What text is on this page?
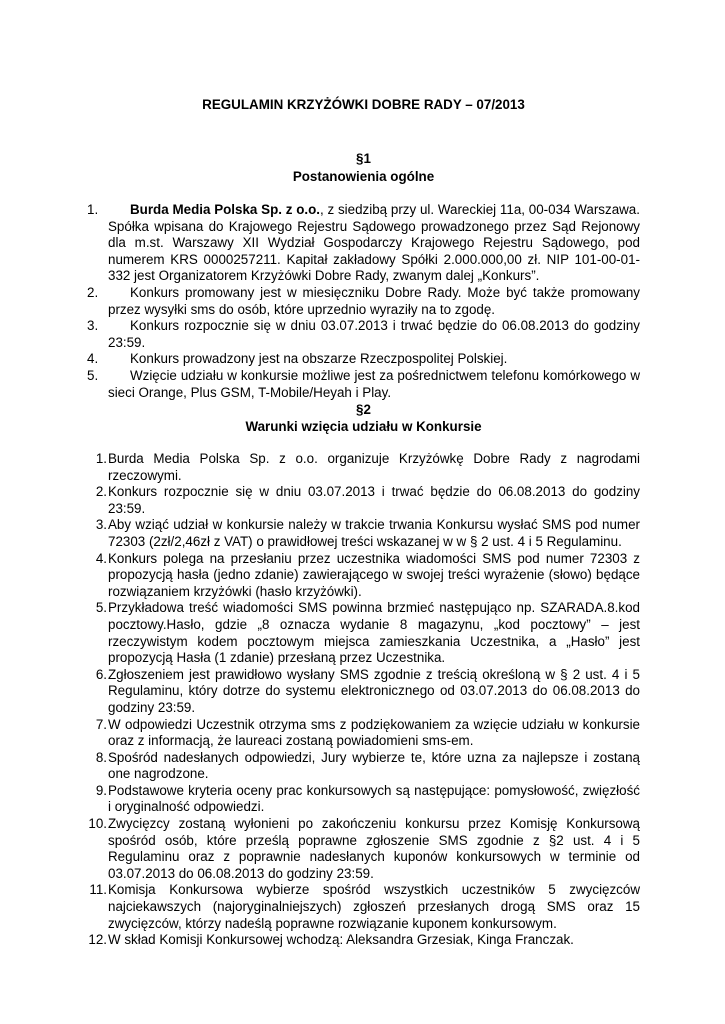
REGULAMIN KRZYŻÓWKI DOBRE RADY – 07/2013
§1
Postanowienia ogólne
1.	Burda Media Polska Sp. z o.o., z siedzibą przy ul. Wareckiej 11a, 00-034 Warszawa. Spółka wpisana do Krajowego Rejestru Sądowego prowadzonego przez Sąd Rejonowy dla m.st. Warszawy XII Wydział Gospodarczy Krajowego Rejestru Sądowego, pod numerem KRS 0000257211. Kapitał zakładowy Spółki 2.000.000,00 zł. NIP 101-00-01-332 jest Organizatorem Krzyżówki Dobre Rady, zwanym dalej „Konkurs”.
2.	Konkurs promowany jest w miesięczniku Dobre Rady. Może być także promowany przez wysyłki sms do osób, które uprzednio wyraziły na to zgodę.
3.	Konkurs rozpocznie się w dniu 03.07.2013 i trwać będzie do 06.08.2013 do godziny 23:59.
4.	Konkurs prowadzony jest na obszarze Rzeczpospolitej Polskiej.
5.	Wzięcie udziału w konkursie możliwe jest za pośrednictwem telefonu komórkowego w sieci Orange, Plus GSM, T-Mobile/Heyah i Play.
§2
Warunki wzięcia udziału w Konkursie
1. Burda Media Polska Sp. z o.o. organizuje Krzyżówkę Dobre Rady z nagrodami rzeczowymi.
2. Konkurs rozpocznie się w dniu 03.07.2013 i trwać będzie do 06.08.2013 do godziny 23:59.
3. Aby wziąć udział w konkursie należy w trakcie trwania Konkursu wysłać SMS pod numer 72303 (2zł/2,46zł z VAT) o prawidłowej treści wskazanej w w § 2 ust. 4 i 5 Regulaminu.
4. Konkurs polega na przesłaniu przez uczestnika wiadomości SMS pod numer 72303 z propozycją hasła (jedno zdanie) zawierającego w swojej treści wyrażenie (słowo) będące rozwiązaniem krzyżówki (hasło krzyżówki).
5. Przykładowa treść wiadomości SMS powinna brzmieć następująco np. SZARADA.8.kod pocztowy.Hasło, gdzie „8 oznacza wydanie 8 magazynu, „kod pocztowy” – jest rzeczywistym kodem pocztowym miejsca zamieszkania Uczestnika, a „Hasło” jest propozycją Hasła (1 zdanie) przesłaną przez Uczestnika.
6. Zgłoszeniem jest prawidłowo wysłany SMS zgodnie z treścią określoną w § 2 ust. 4 i 5 Regulaminu, który dotrze do systemu elektronicznego od 03.07.2013 do 06.08.2013 do godziny 23:59.
7. W odpowiedzi Uczestnik otrzyma sms z podziękowaniem za wzięcie udziału w konkursie oraz z informacją, że laureaci zostaną powiadomieni sms-em.
8. Spośród nadesłanych odpowiedzi, Jury wybierze te, które uzna za najlepsze i zostaną one nagrodzone.
9. Podstawowe kryteria oceny prac konkursowych są następujące: pomysłowość, zwięzłość i oryginalność odpowiedzi.
10. Zwycięzcy zostaną wyłonieni po zakończeniu konkursu przez Komisję Konkursową spośród osób, które prześlą poprawne zgłoszenie SMS zgodnie z §2 ust. 4 i 5 Regulaminu oraz z poprawnie nadesłanych kuponów konkursowych w terminie od 03.07.2013 do 06.08.2013 do godziny 23:59.
11. Komisja Konkursowa wybierze spośród wszystkich uczestników 5 zwycięzców najciekawszych (najoryginalniejszych) zgłoszeń przesłanych drogą SMS oraz 15 zwycięzców, którzy nadeślą poprawne rozwiązanie kuponem konkursowym.
12. W skład Komisji Konkursowej wchodzą: Aleksandra Grzesiak, Kinga Franczak.
